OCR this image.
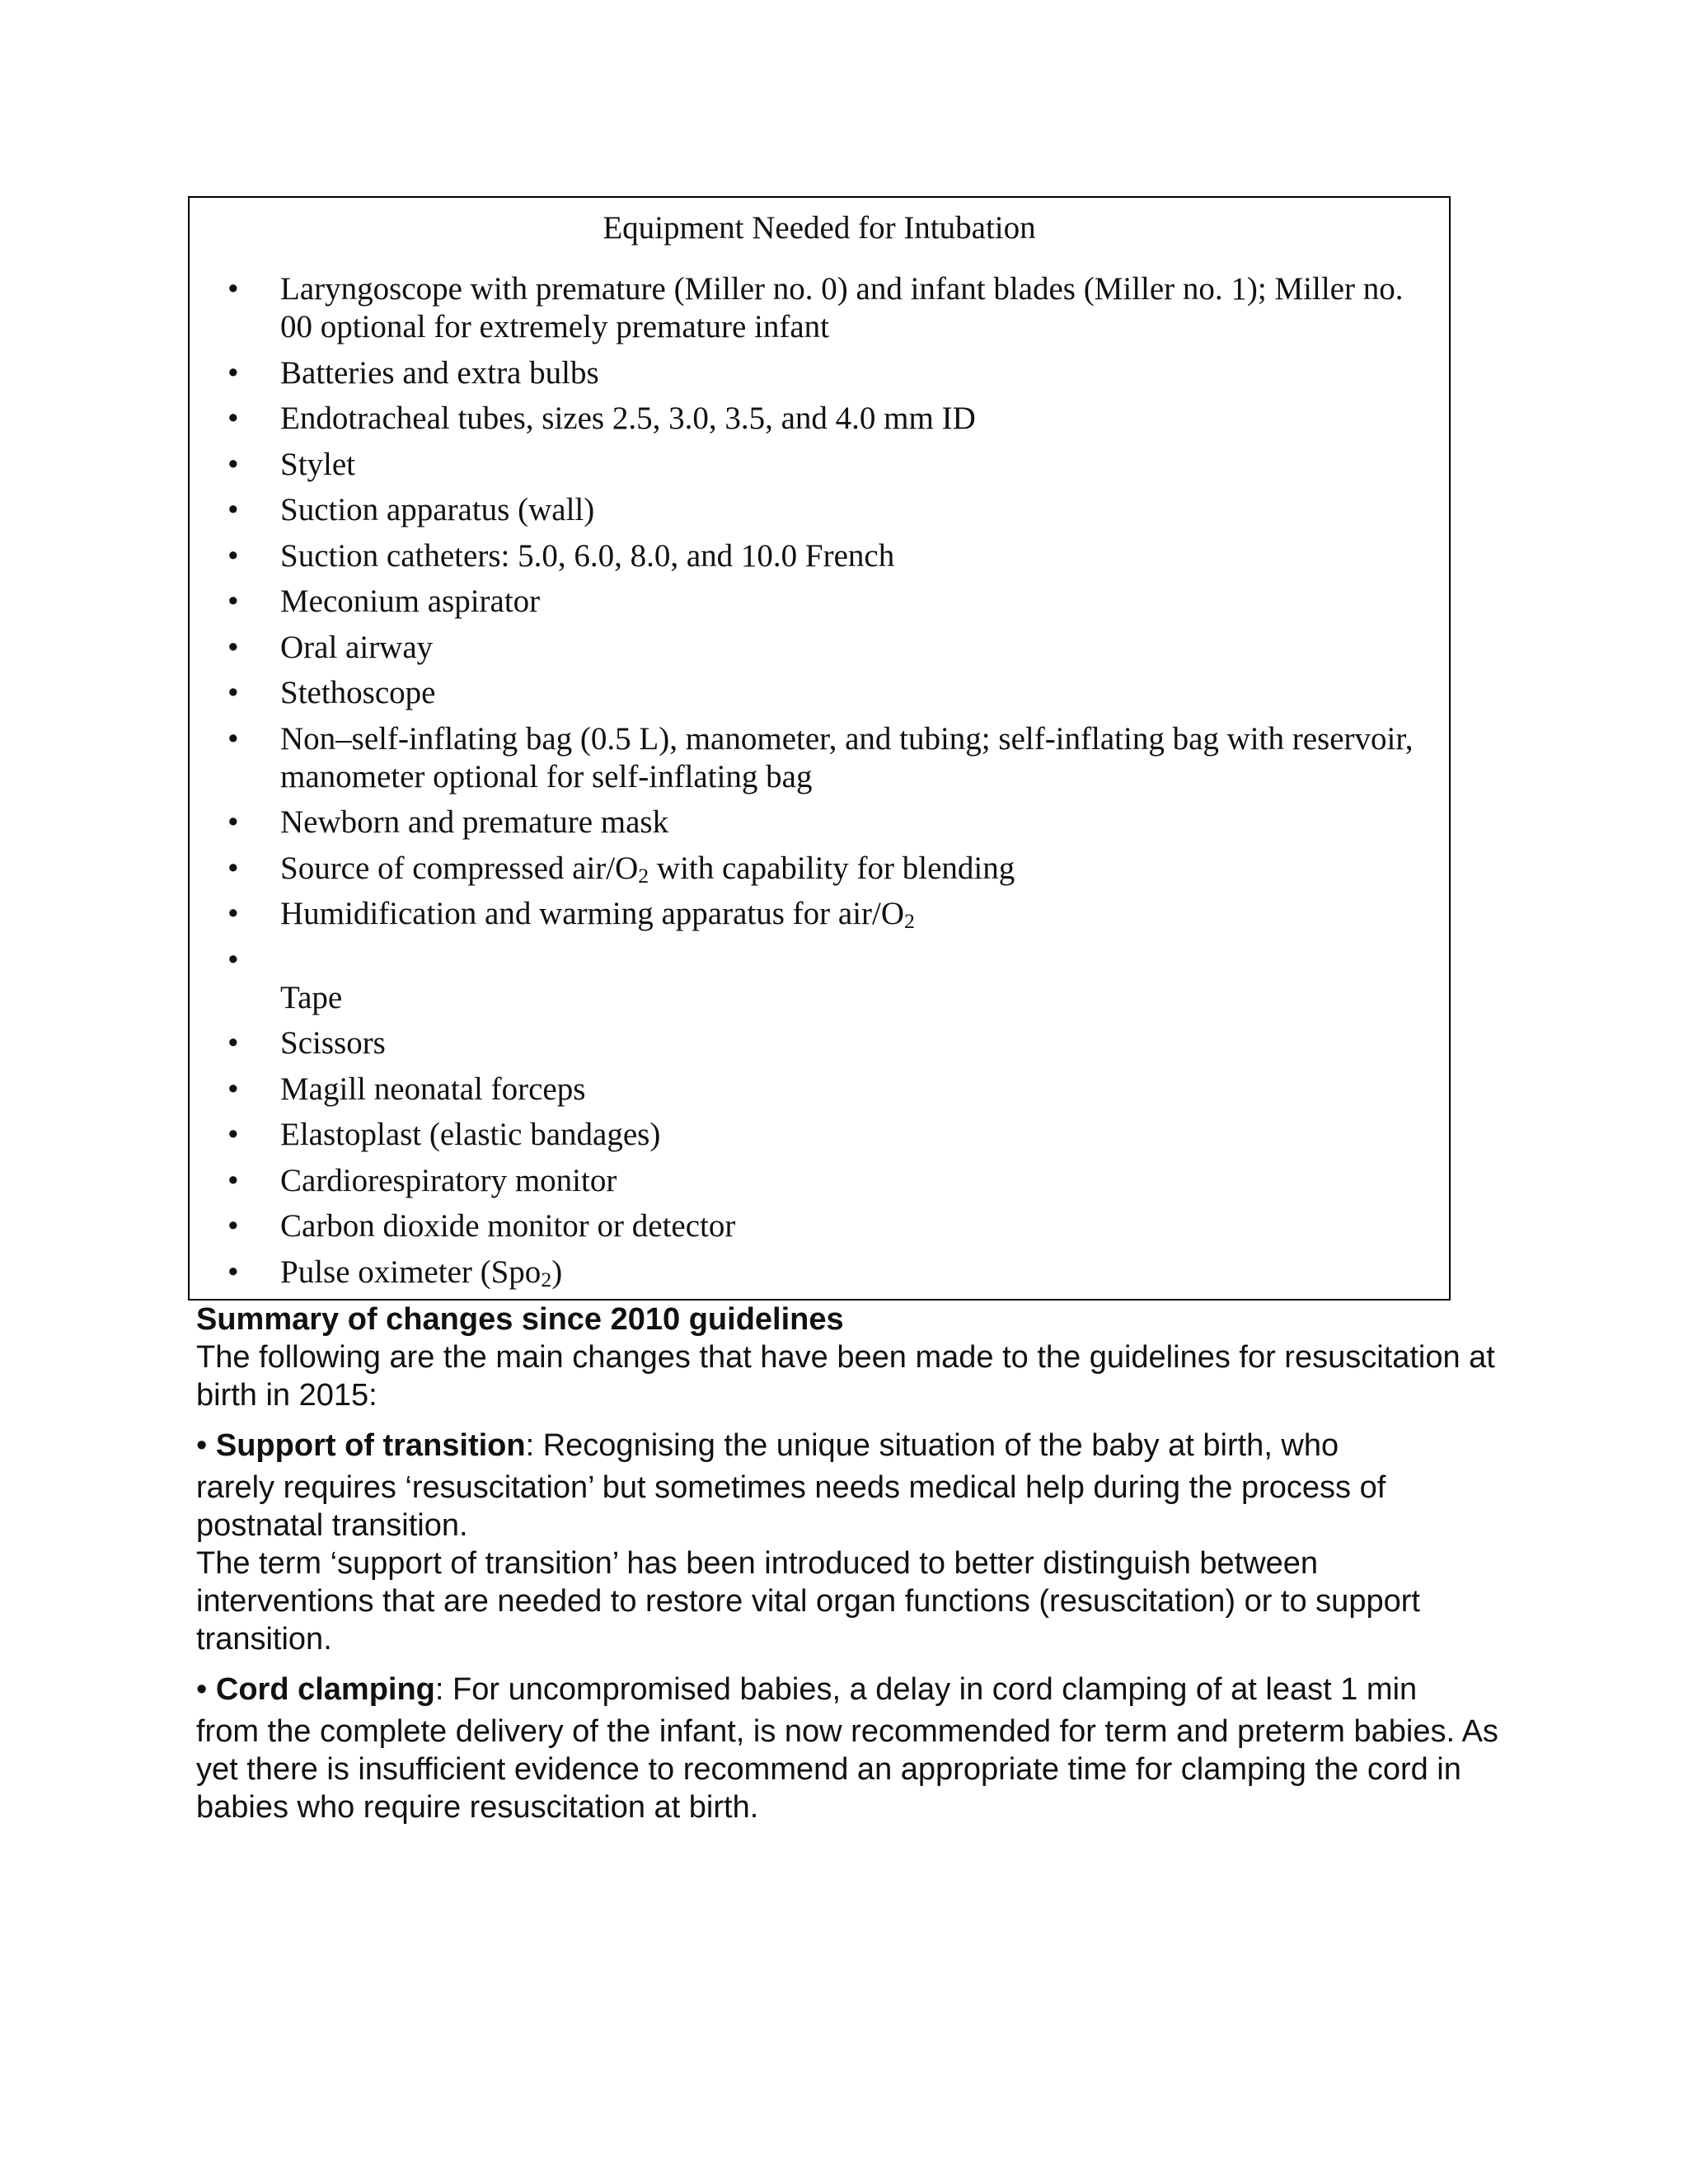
Equipment Needed for Intubation

• Laryngoscope with premature (Miller no. 0) and infant blades (Miller no. 1); Miller no. 00 optional for extremely premature infant
• Batteries and extra bulbs
• Endotracheal tubes, sizes 2.5, 3.0, 3.5, and 4.0 mm ID
• Stylet
• Suction apparatus (wall)
• Suction catheters: 5.0, 6.0, 8.0, and 10.0 French
• Meconium aspirator
• Oral airway
• Stethoscope
• Non–self-inflating bag (0.5 L), manometer, and tubing; self-inflating bag with reservoir, manometer optional for self-inflating bag
• Newborn and premature mask
• Source of compressed air/$O_2$ with capability for blending
• Humidification and warming apparatus for air/$O_2$
• Tape
• Scissors
• Magill neonatal forceps
• Elastoplast (elastic bandages)
• Cardiorespiratory monitor
• Carbon dioxide monitor or detector
• Pulse oximeter (Spo$_2$)
Summary of changes since 2010 guidelines

The following are the main changes that have been made to the guidelines for resuscitation at birth in 2015:

• Support of transition: Recognising the unique situation of the baby at birth, who

rarely requires ‘resuscitation’ but sometimes needs medical help during the process of postnatal transition.

The term ‘support of transition’ has been introduced to better distinguish between interventions that are needed to restore vital organ functions (resuscitation) or to support transition.

• Cord clamping: For uncompromised babies, a delay in cord clamping of at least 1 min

from the complete delivery of the infant, is now recommended for term and preterm babies. As yet there is insufficient evidence to recommend an appropriate time for clamping the cord in babies who require resuscitation at birth.
